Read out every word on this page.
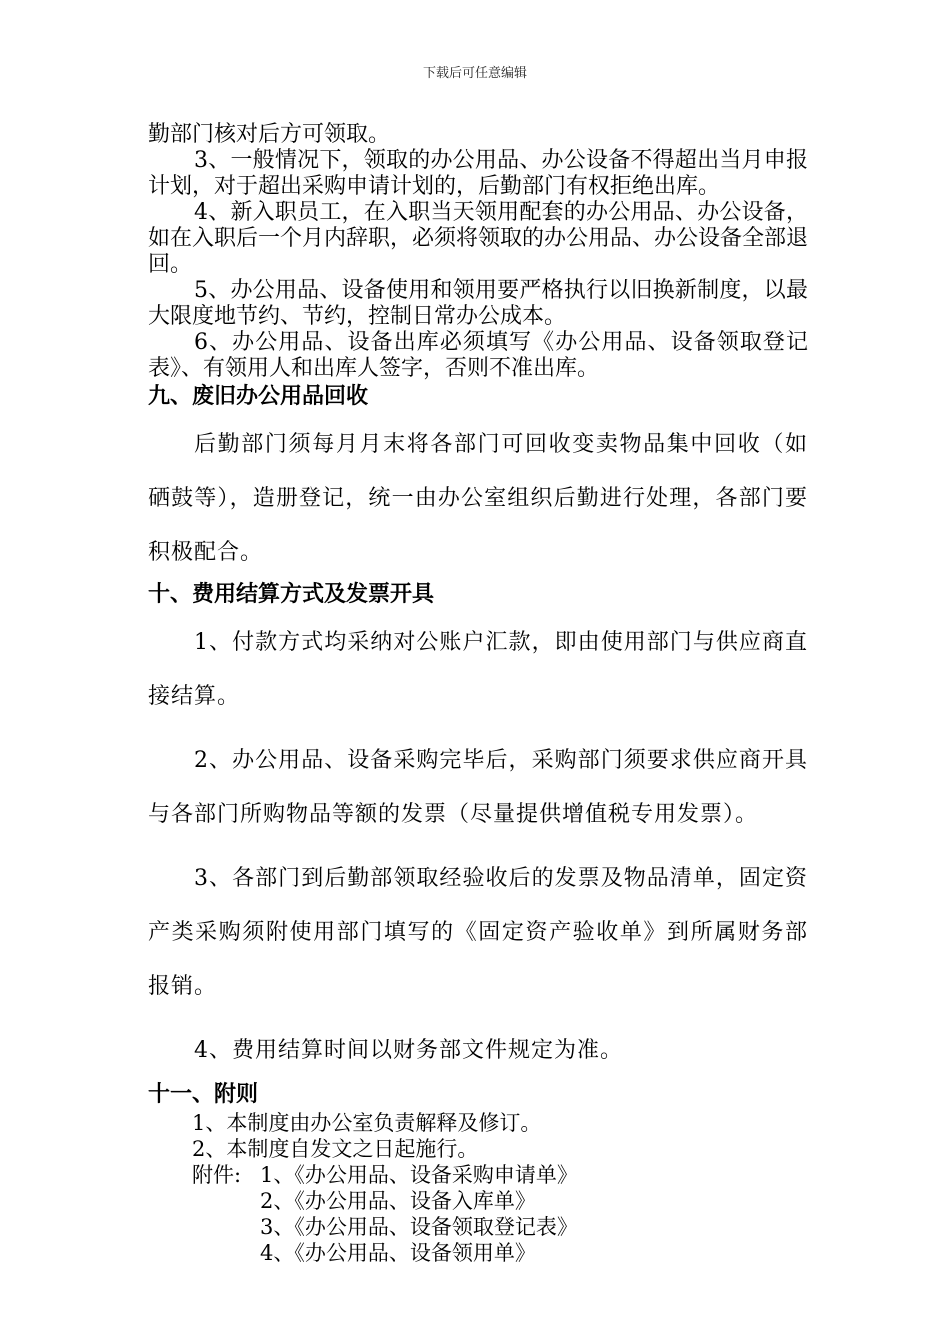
下载后可任意编辑

勤部门核对后方可领取。

3、一般情况下，领取的办公用品、办公设备不得超出当月申报计划，对于超出采购申请计划的，后勤部门有权拒绝出库。

4、新入职员工，在入职当天领用配套的办公用品、办公设备，如在入职后一个月内辞职，必须将领取的办公用品、办公设备全部退回。

5、办公用品、设备使用和领用要严格执行以旧换新制度，以最大限度地节约、节约，控制日常办公成本。

6、办公用品、设备出库必须填写《办公用品、设备领取登记表》、有领用人和出库人签字，否则不准出库。

九、废旧办公用品回收

后勤部门须每月月末将各部门可回收变卖物品集中回收（如硒鼓等），造册登记，统一由办公室组织后勤进行处理，各部门要积极配合。

十、费用结算方式及发票开具

1、付款方式均采纳对公账户汇款，即由使用部门与供应商直接结算。

2、办公用品、设备采购完毕后，采购部门须要求供应商开具与各部门所购物品等额的发票（尽量提供增值税专用发票）。

3、各部门到后勤部领取经验收后的发票及物品清单，固定资产类采购须附使用部门填写的《固定资产验收单》到所属财务部报销。

4、费用结算时间以财务部文件规定为准。

十一、附则

1、本制度由办公室负责解释及修订。

2、本制度自发文之日起施行。

附件: 1、《办公用品、设备采购申请单》

2、《办公用品、设备入库单》

3、《办公用品、设备领取登记表》

4、《办公用品、设备领用单》
